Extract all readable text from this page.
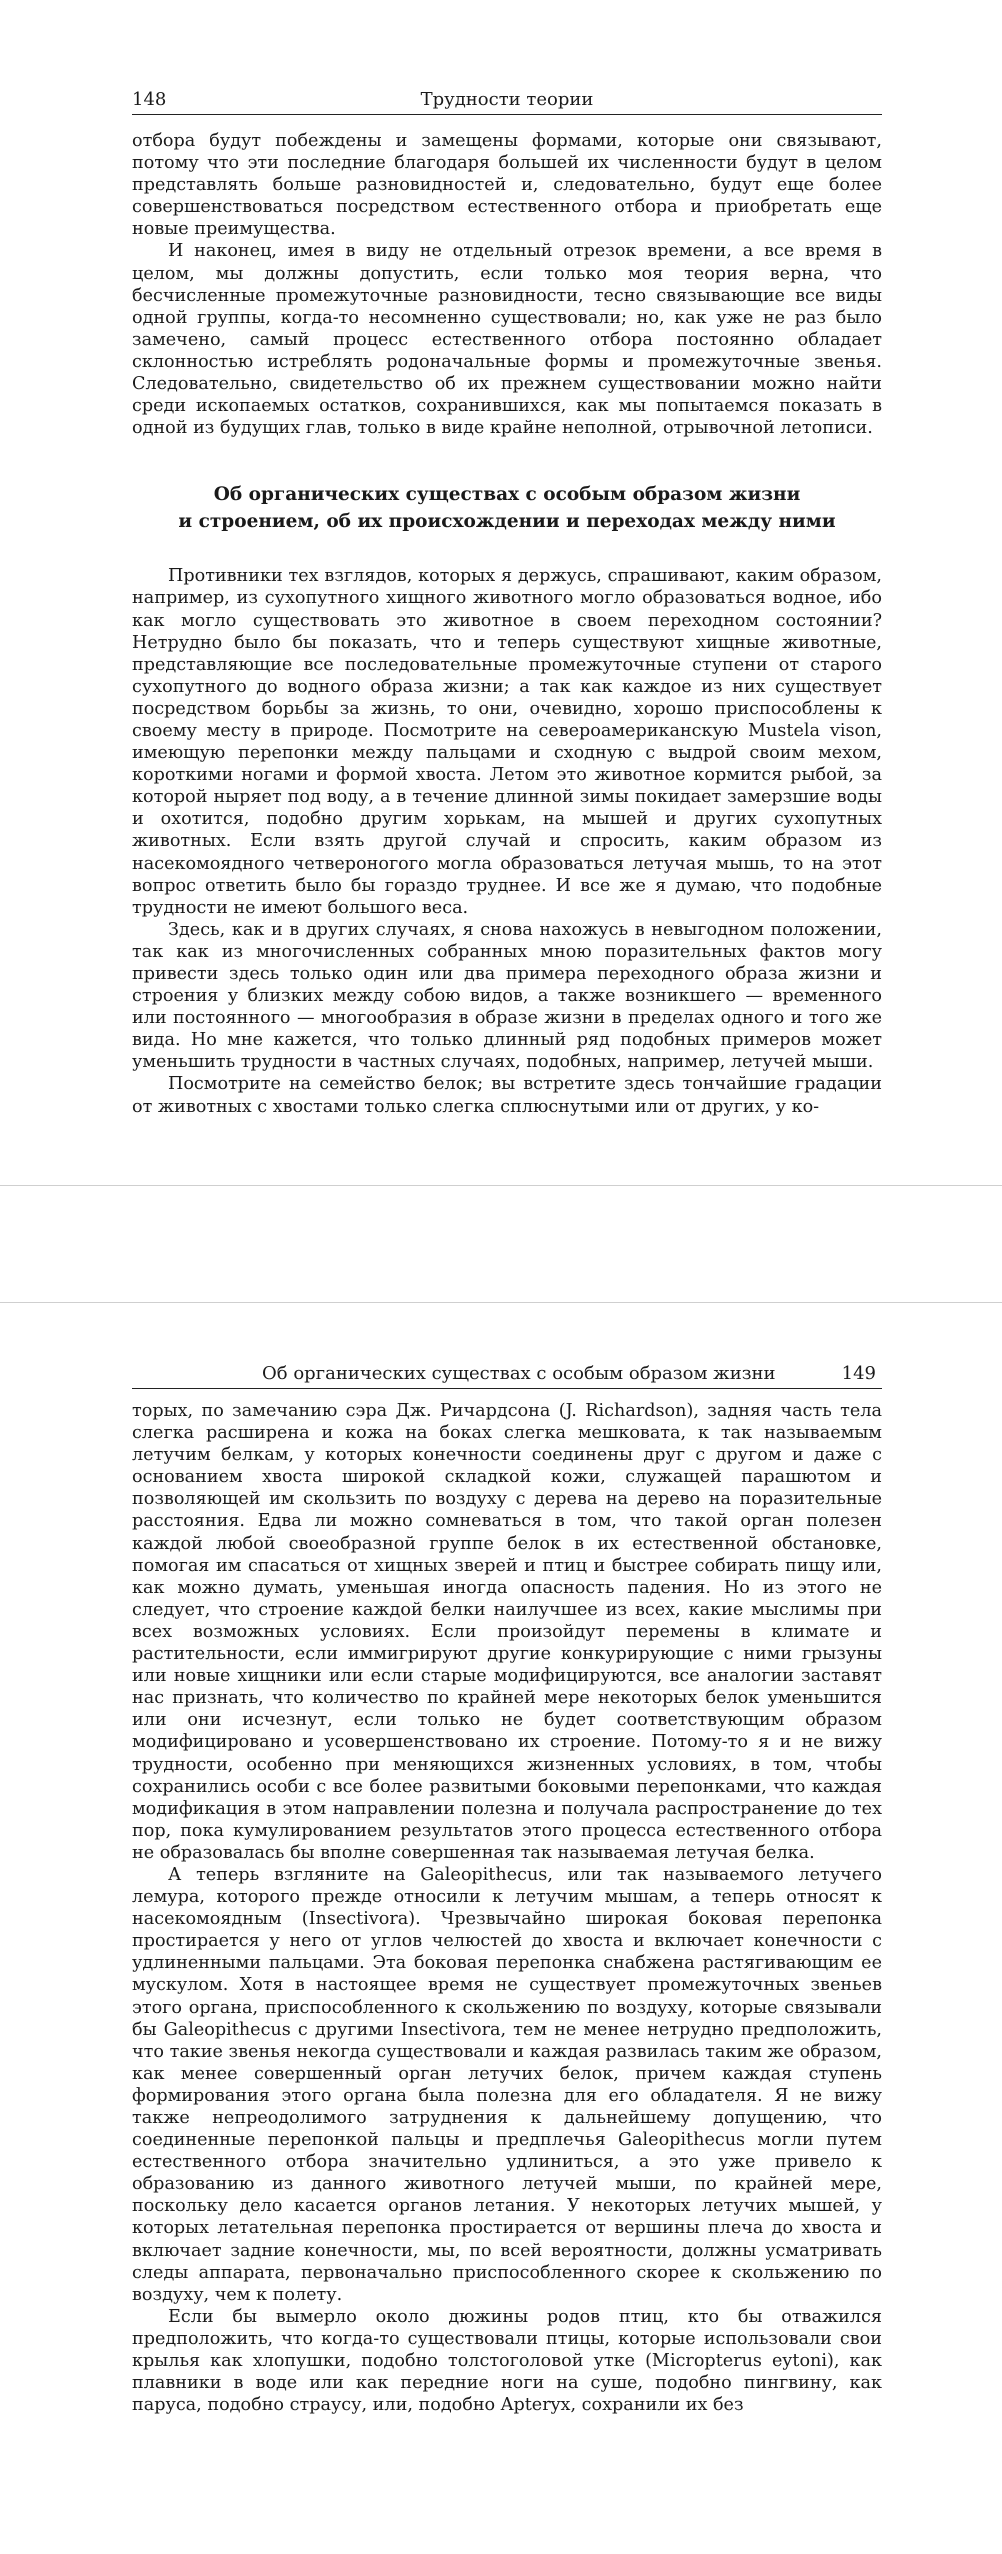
148	Трудности теории
Об органических существах с особым образом жизни	149

отбора будут побеждены и замещены формами, которые они связывают, потому что эти последние благодаря большей их численности будут в целом представлять больше разновидностей и, следовательно, будут еще более совершенствоваться посредством естественного отбора и приобретать еще новые преимущества.

И наконец, имея в виду не отдельный отрезок времени, а все время в целом, мы должны допустить, если только моя теория верна, что бесчисленные промежуточные разновидности, тесно связывающие все виды одной группы, когда-то несомненно существовали; но, как уже не раз было замечено, самый процесс естественного отбора постоянно обладает склонностью истреблять родоначальные формы и промежуточные звенья. Следовательно, свидетельство об их прежнем существовании можно найти среди ископаемых остатков, сохранившихся, как мы попытаемся показать в одной из будущих глав, только в виде крайне неполной, отрывочной летописи.

Об органических существах с особым образом жизни
и строением, об их происхождении и переходах между ними

Противники тех взглядов, которых я держусь, спрашивают, каким образом, например, из сухопутного хищного животного могло образоваться водное, ибо как могло существовать это животное в своем переходном состоянии? Нетрудно было бы показать, что и теперь существуют хищные животные, представляющие все последовательные промежуточные ступени от старого сухопутного до водного образа жизни; а так как каждое из них существует посредством борьбы за жизнь, то они, очевидно, хорошо приспособлены к своему месту в природе. Посмотрите на североамериканскую Mustela vison, имеющую перепонки между пальцами и сходную с выдрой своим мехом, короткими ногами и формой хвоста. Летом это животное кормится рыбой, за которой ныряет под воду, а в течение длинной зимы покидает замерзшие воды и охотится, подобно другим хорькам, на мышей и других сухопутных животных. Если взять другой случай и спросить, каким образом из насекомоядного четвероногого могла образоваться летучая мышь, то на этот вопрос ответить было бы гораздо труднее. И все же я думаю, что подобные трудности не имеют большого веса.

Здесь, как и в других случаях, я снова нахожусь в невыгодном положении, так как из многочисленных собранных мною поразительных фактов могу привести здесь только один или два примера переходного образа жизни и строения у близких между собою видов, а также возникшего — временного или постоянного — многообразия в образе жизни в пределах одного и того же вида. Но мне кажется, что только длинный ряд подобных примеров может уменьшить трудности в частных случаях, подобных, например, летучей мыши.

Посмотрите на семейство белок; вы встретите здесь тончайшие градации от животных с хвостами только слегка сплюснутыми или от других, у ко-

торых, по замечанию сэра Дж. Ричардсона (J. Richardson), задняя часть тела слегка расширена и кожа на боках слегка мешковата, к так называемым летучим белкам, у которых конечности соединены друг с другом и даже с основанием хвоста широкой складкой кожи, служащей парашютом и позволяющей им скользить по воздуху с дерева на дерево на поразительные расстояния. Едва ли можно сомневаться в том, что такой орган полезен каждой любой своеобразной группе белок в их естественной обстановке, помогая им спасаться от хищных зверей и птиц и быстрее собирать пищу или, как можно думать, уменьшая иногда опасность падения. Но из этого не следует, что строение каждой белки наилучшее из всех, какие мыслимы при всех возможных условиях. Если произойдут перемены в климате и растительности, если иммигрируют другие конкурирующие с ними грызуны или новые хищники или если старые модифицируются, все аналогии заставят нас признать, что количество по крайней мере некоторых белок уменьшится или они исчезнут, если только не будет соответствующим образом модифицировано и усовершенствовано их строение. Потому-то я и не вижу трудности, особенно при меняющихся жизненных условиях, в том, чтобы сохранились особи с все более развитыми боковыми перепонками, что каждая модификация в этом направлении полезна и получала распространение до тех пор, пока кумулированием результатов этого процесса естественного отбора не образовалась бы вполне совершенная так называемая летучая белка.

А теперь взгляните на Galeopithecus, или так называемого летучего лемура, которого прежде относили к летучим мышам, а теперь относят к насекомоядным (Insectivora). Чрезвычайно широкая боковая перепонка простирается у него от углов челюстей до хвоста и включает конечности с удлиненными пальцами. Эта боковая перепонка снабжена растягивающим ее мускулом. Хотя в настоящее время не существует промежуточных звеньев этого органа, приспособленного к скольжению по воздуху, которые связывали бы Galeopithecus с другими Insectivora, тем не менее нетрудно предположить, что такие звенья некогда существовали и каждая развилась таким же образом, как менее совершенный орган летучих белок, причем каждая ступень формирования этого органа была полезна для его обладателя. Я не вижу также непреодолимого затруднения к дальнейшему допущению, что соединенные перепонкой пальцы и предплечья Galeopithecus могли путем естественного отбора значительно удлиниться, а это уже привело к образованию из данного животного летучей мыши, по крайней мере, поскольку дело касается органов летания. У некоторых летучих мышей, у которых летательная перепонка простирается от вершины плеча до хвоста и включает задние конечности, мы, по всей вероятности, должны усматривать следы аппарата, первоначально приспособленного скорее к скольжению по воздуху, чем к полету.

Если бы вымерло около дюжины родов птиц, кто бы отважился предположить, что когда-то существовали птицы, которые использовали свои крылья как хлопушки, подобно толстоголовой утке (Micropterus eytoni), как плавники в воде или как передние ноги на суше, подобно пингвину, как паруса, подобно страусу, или, подобно Apteryx, сохранили их без
